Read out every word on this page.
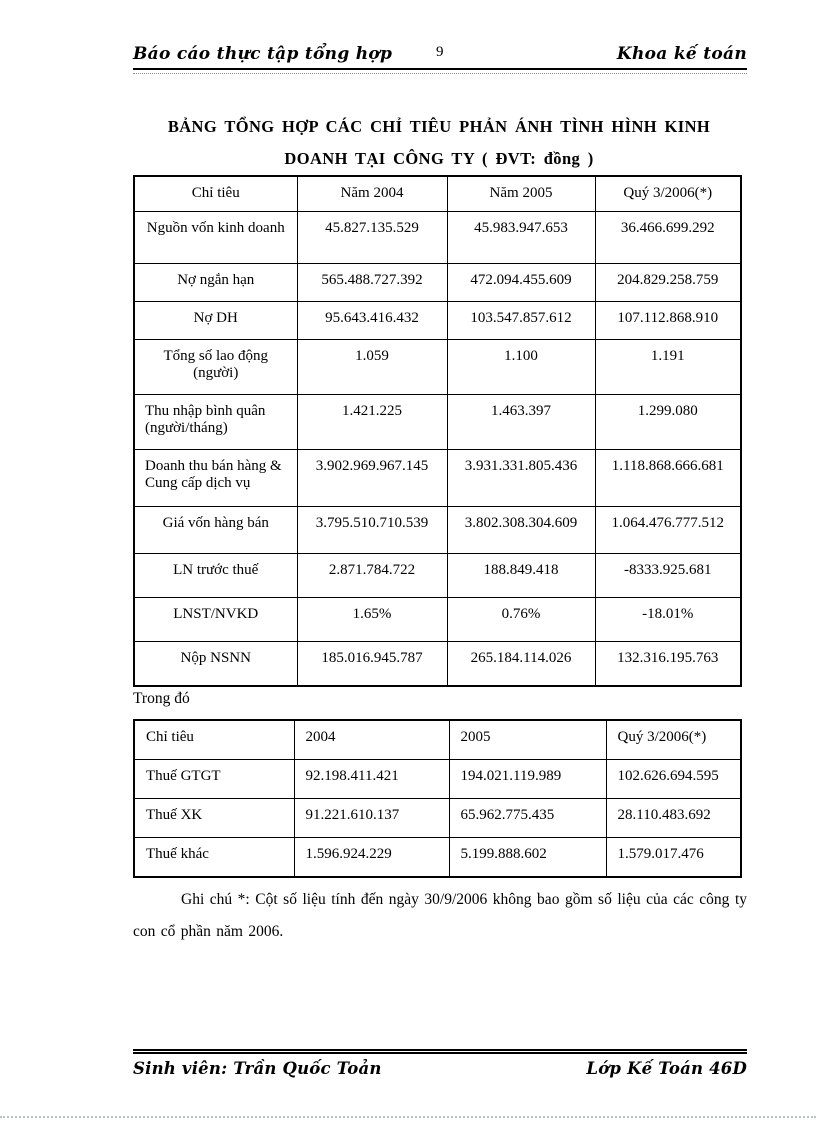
Báo cáo thực tập tổng hợp	9	Khoa kế toán
BẢNG TỔNG HỢP CÁC CHỈ TIÊU PHẢN ÁNH TÌNH HÌNH KINH
DOANH TẠI CÔNG TY ( ĐVT: đồng )
Chỉ tiêu	Năm 2004	Năm 2005	Quý 3/2006(*)
Nguồn vốn kinh doanh	45.827.135.529	45.983.947.653	36.466.699.292
Nợ ngắn hạn	565.488.727.392	472.094.455.609	204.829.258.759
Nợ DH	95.643.416.432	103.547.857.612	107.112.868.910
Tổng số lao động (người)	1.059	1.100	1.191
Thu nhập bình quân (người/tháng)	1.421.225	1.463.397	1.299.080
Doanh thu bán hàng & Cung cấp dịch vụ	3.902.969.967.145	3.931.331.805.436	1.118.868.666.681
Giá vốn hàng bán	3.795.510.710.539	3.802.308.304.609	1.064.476.777.512
LN trước thuế	2.871.784.722	188.849.418	-8333.925.681
LNST/NVKD	1.65%	0.76%	-18.01%
Nộp NSNN	185.016.945.787	265.184.114.026	132.316.195.763
Trong đó
Chỉ tiêu	2004	2005	Quý 3/2006(*)
Thuế GTGT	92.198.411.421	194.021.119.989	102.626.694.595
Thuế XK	91.221.610.137	65.962.775.435	28.110.483.692
Thuế khác	1.596.924.229	5.199.888.602	1.579.017.476
Ghi chú *: Cột số liệu tính đến ngày 30/9/2006 không bao gồm số liệu của các công ty con cổ phần năm 2006.
Sinh viên: Trần Quốc Toản	Lớp Kế Toán 46D
